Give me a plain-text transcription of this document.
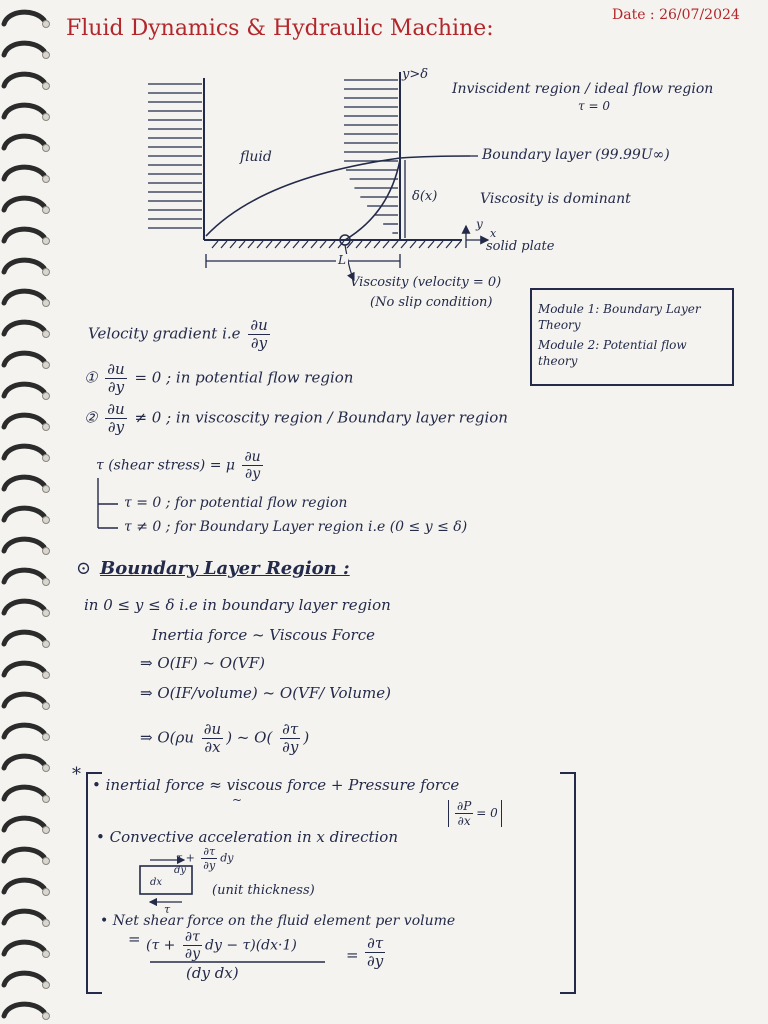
Fluid Dynamics & Hydraulic Machine:
Date : 26/07/2024
y>δ
Inviscident region / ideal flow region
τ = 0
fluid	Boundary layer (99.99U∞)
δ(x)	Viscosity is dominant
solid plate
y
x
L
Viscosity (velocity = 0)
(No slip condition)	Module 1: Boundary Layer Theory
Module 2: Potential flow theory
Velocity gradient $i.e \frac{\partial u}{\partial y}$
① $\frac{\partial u}{\partial y} = 0$ ; in potential flow region
② $\frac{\partial u}{\partial y} \ne 0$ ; in viscoscity region / Boundary layer region
τ (shear stress) = μ $\frac{\partial u}{\partial y}$
τ = 0 ; for potential flow region
τ ≠ 0 ; for Boundary Layer region i.e (0 ≤ y ≤ δ)
⊙ Boundary Layer Region :
in 0 ≤ y ≤ δ i.e in boundary layer region
Inertia force ~ Viscous Force
⇒ O(IF) ~ O(VF)
⇒ O(IF/volume) ~ O(VF/ Volume)
⇒ $O(\rho u \frac{\partial u}{\partial x}$ ) ~ $O( \frac{\partial\tau}{\partial y}$ )
* • inertial force ≈ viscous force + Pressure force
~	$\frac{\partial P}{\partial x} = 0$
• Convective acceleration in x direction
$\tau + \frac{\partial\tau}{\partial y}$ dy
dy
dx
τ
(unit thickness)
• Net shear force on the fluid element per volume
= ($\tau + \frac{\partial\tau}{\partial y}$ dy − τ)(dx·1)
(dy dx)
= $\frac{\partial\tau}{\partial y}$
